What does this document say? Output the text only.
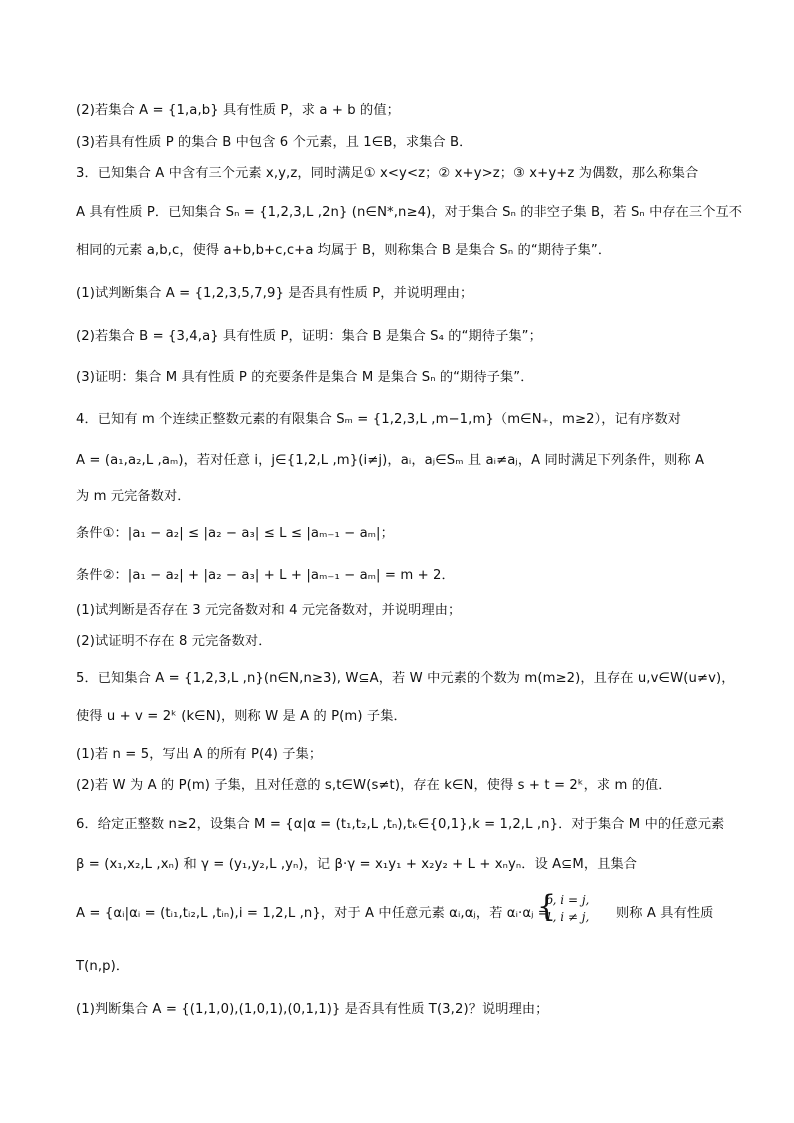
(2)若集合 A = {1,a,b} 具有性质 P，求 a + b 的值；
(3)若具有性质 P 的集合 B 中包含 6 个元素，且 1∈B，求集合 B．
3．已知集合 A 中含有三个元素 x,y,z，同时满足① x<y<z；② x+y>z；③ x+y+z 为偶数，那么称集合
A 具有性质 P．已知集合 Sₙ = {1,2,3,L ,2n} (n∈N*,n≥4)，对于集合 Sₙ 的非空子集 B，若 Sₙ 中存在三个互不
相同的元素 a,b,c，使得 a+b,b+c,c+a 均属于 B，则称集合 B 是集合 Sₙ 的“期待子集”．
(1)试判断集合 A = {1,2,3,5,7,9} 是否具有性质 P，并说明理由；
(2)若集合 B = {3,4,a} 具有性质 P，证明：集合 B 是集合 S₄ 的“期待子集”；
(3)证明：集合 M 具有性质 P 的充要条件是集合 M 是集合 Sₙ 的“期待子集”．
4．已知有 m 个连续正整数元素的有限集合 Sₘ = {1,2,3,L ,m−1,m}（m∈N₊，m≥2），记有序数对
A = (a₁,a₂,L ,aₘ)，若对任意 i，j∈{1,2,L ,m}(i≠j)，aᵢ，aⱼ∈Sₘ 且 aᵢ≠aⱼ，A 同时满足下列条件，则称 A
为 m 元完备数对．
条件①：|a₁ − a₂| ≤ |a₂ − a₃| ≤ L ≤ |aₘ₋₁ − aₘ|；
条件②：|a₁ − a₂| + |a₂ − a₃| + L + |aₘ₋₁ − aₘ| = m + 2．
(1)试判断是否存在 3 元完备数对和 4 元完备数对，并说明理由；
(2)试证明不存在 8 元完备数对．
5．已知集合 A = {1,2,3,L ,n}(n∈N,n≥3), W⊆A，若 W 中元素的个数为 m(m≥2)，且存在 u,v∈W(u≠v)，
使得 u + v = 2ᵏ (k∈N)，则称 W 是 A 的 P(m) 子集．
(1)若 n = 5，写出 A 的所有 P(4) 子集；
(2)若 W 为 A 的 P(m) 子集，且对任意的 s,t∈W(s≠t)，存在 k∈N，使得 s + t = 2ᵏ，求 m 的值．
6．给定正整数 n≥2，设集合 M = {α|α = (t₁,t₂,L ,tₙ),tₖ∈{0,1},k = 1,2,L ,n}．对于集合 M 中的任意元素
β = (x₁,x₂,L ,xₙ) 和 γ = (y₁,y₂,L ,yₙ)，记 β·γ = x₁y₁ + x₂y₂ + L + xₙyₙ．设 A⊆M，且集合
A = {αᵢ|αᵢ = (tᵢ₁,tᵢ₂,L ,tᵢₙ),i = 1,2,L ,n}，对于 A 中任意元素 αᵢ,αⱼ，若 αᵢ·αⱼ =
{
p, i = j,
1, i ≠ j, 则称 A 具有性质
T(n,p)．
(1)判断集合 A = {(1,1,0),(1,0,1),(0,1,1)} 是否具有性质 T(3,2)？说明理由；
